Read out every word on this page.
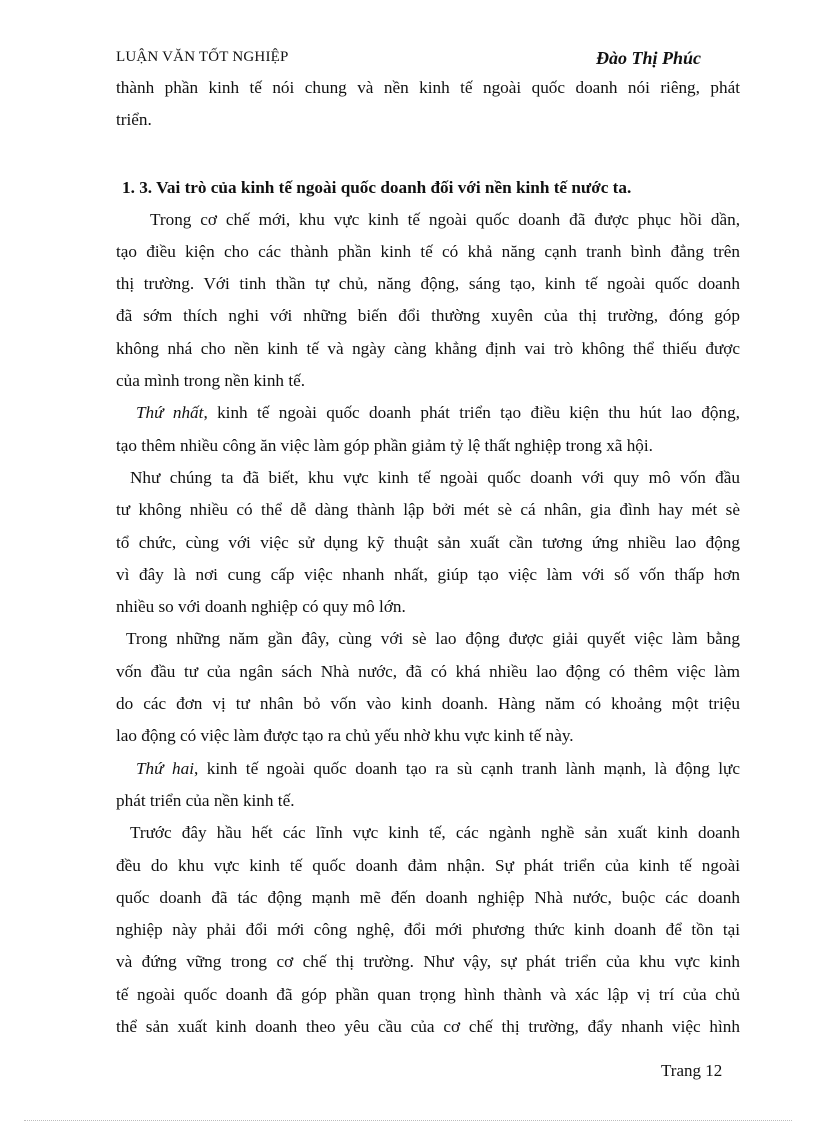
LUẬN VĂN TỐT NGHIỆP	Đào Thị Phúc
thành phần kinh tế nói chung và nền kinh tế ngoài quốc doanh nói riêng, phát
triển.
1. 3. Vai trò của kinh tế ngoài quốc doanh đối với nền kinh tế nước ta.
Trong cơ chế mới, khu vực kinh tế ngoài quốc doanh đã được phục hồi dần,
tạo điều kiện cho các thành phần kinh tế có khả năng cạnh tranh bình đẳng trên
thị trường. Với tinh thần tự chủ, năng động, sáng tạo, kinh tế ngoài quốc doanh
đã sớm thích nghi với những biến đổi thường xuyên của thị trường, đóng góp
không nhá cho nền kinh tế và ngày càng khẳng định vai trò không thể thiếu được
của mình trong nền kinh tế.
Thứ nhất, kinh tế ngoài quốc doanh phát triển tạo điều kiện thu hút lao động,
tạo thêm nhiều công ăn việc làm góp phần giảm tỷ lệ thất nghiệp trong xã hội.
Như chúng ta đã biết, khu vực kinh tế ngoài quốc doanh với quy mô vốn đầu
tư không nhiều có thể dễ dàng thành lập bởi mét sè cá nhân, gia đình hay mét sè
tổ chức, cùng với việc sử dụng kỹ thuật sản xuất cần tương ứng nhiều lao động
vì đây là nơi cung cấp việc nhanh nhất, giúp tạo việc làm với số vốn thấp hơn
nhiều so với doanh nghiệp có quy mô lớn.
Trong những năm gần đây, cùng với sè lao động được giải quyết việc làm bằng
vốn đầu tư của ngân sách Nhà nước, đã có khá nhiều lao động có thêm việc làm
do các đơn vị tư nhân bỏ vốn vào kinh doanh. Hàng năm có khoảng một triệu
lao động có việc làm được tạo ra chủ yếu nhờ khu vực kinh tế này.
Thứ hai, kinh tế ngoài quốc doanh tạo ra sù cạnh tranh lành mạnh, là động lực
phát triển của nền kinh tế.
Trước đây hầu hết các lĩnh vực kinh tế, các ngành nghề sản xuất kinh doanh
đều do khu vực kinh tế quốc doanh đảm nhận. Sự phát triển của kinh tế ngoài
quốc doanh đã tác động mạnh mẽ đến doanh nghiệp Nhà nước, buộc các doanh
nghiệp này phải đổi mới công nghệ, đổi mới phương thức kinh doanh để tồn tại
và đứng vững trong cơ chế thị trường. Như vậy, sự phát triển của khu vực kinh
tế ngoài quốc doanh đã góp phần quan trọng hình thành và xác lập vị trí của chủ
thể sản xuất kinh doanh theo yêu cầu của cơ chế thị trường, đẩy nhanh việc hình
Trang 12
